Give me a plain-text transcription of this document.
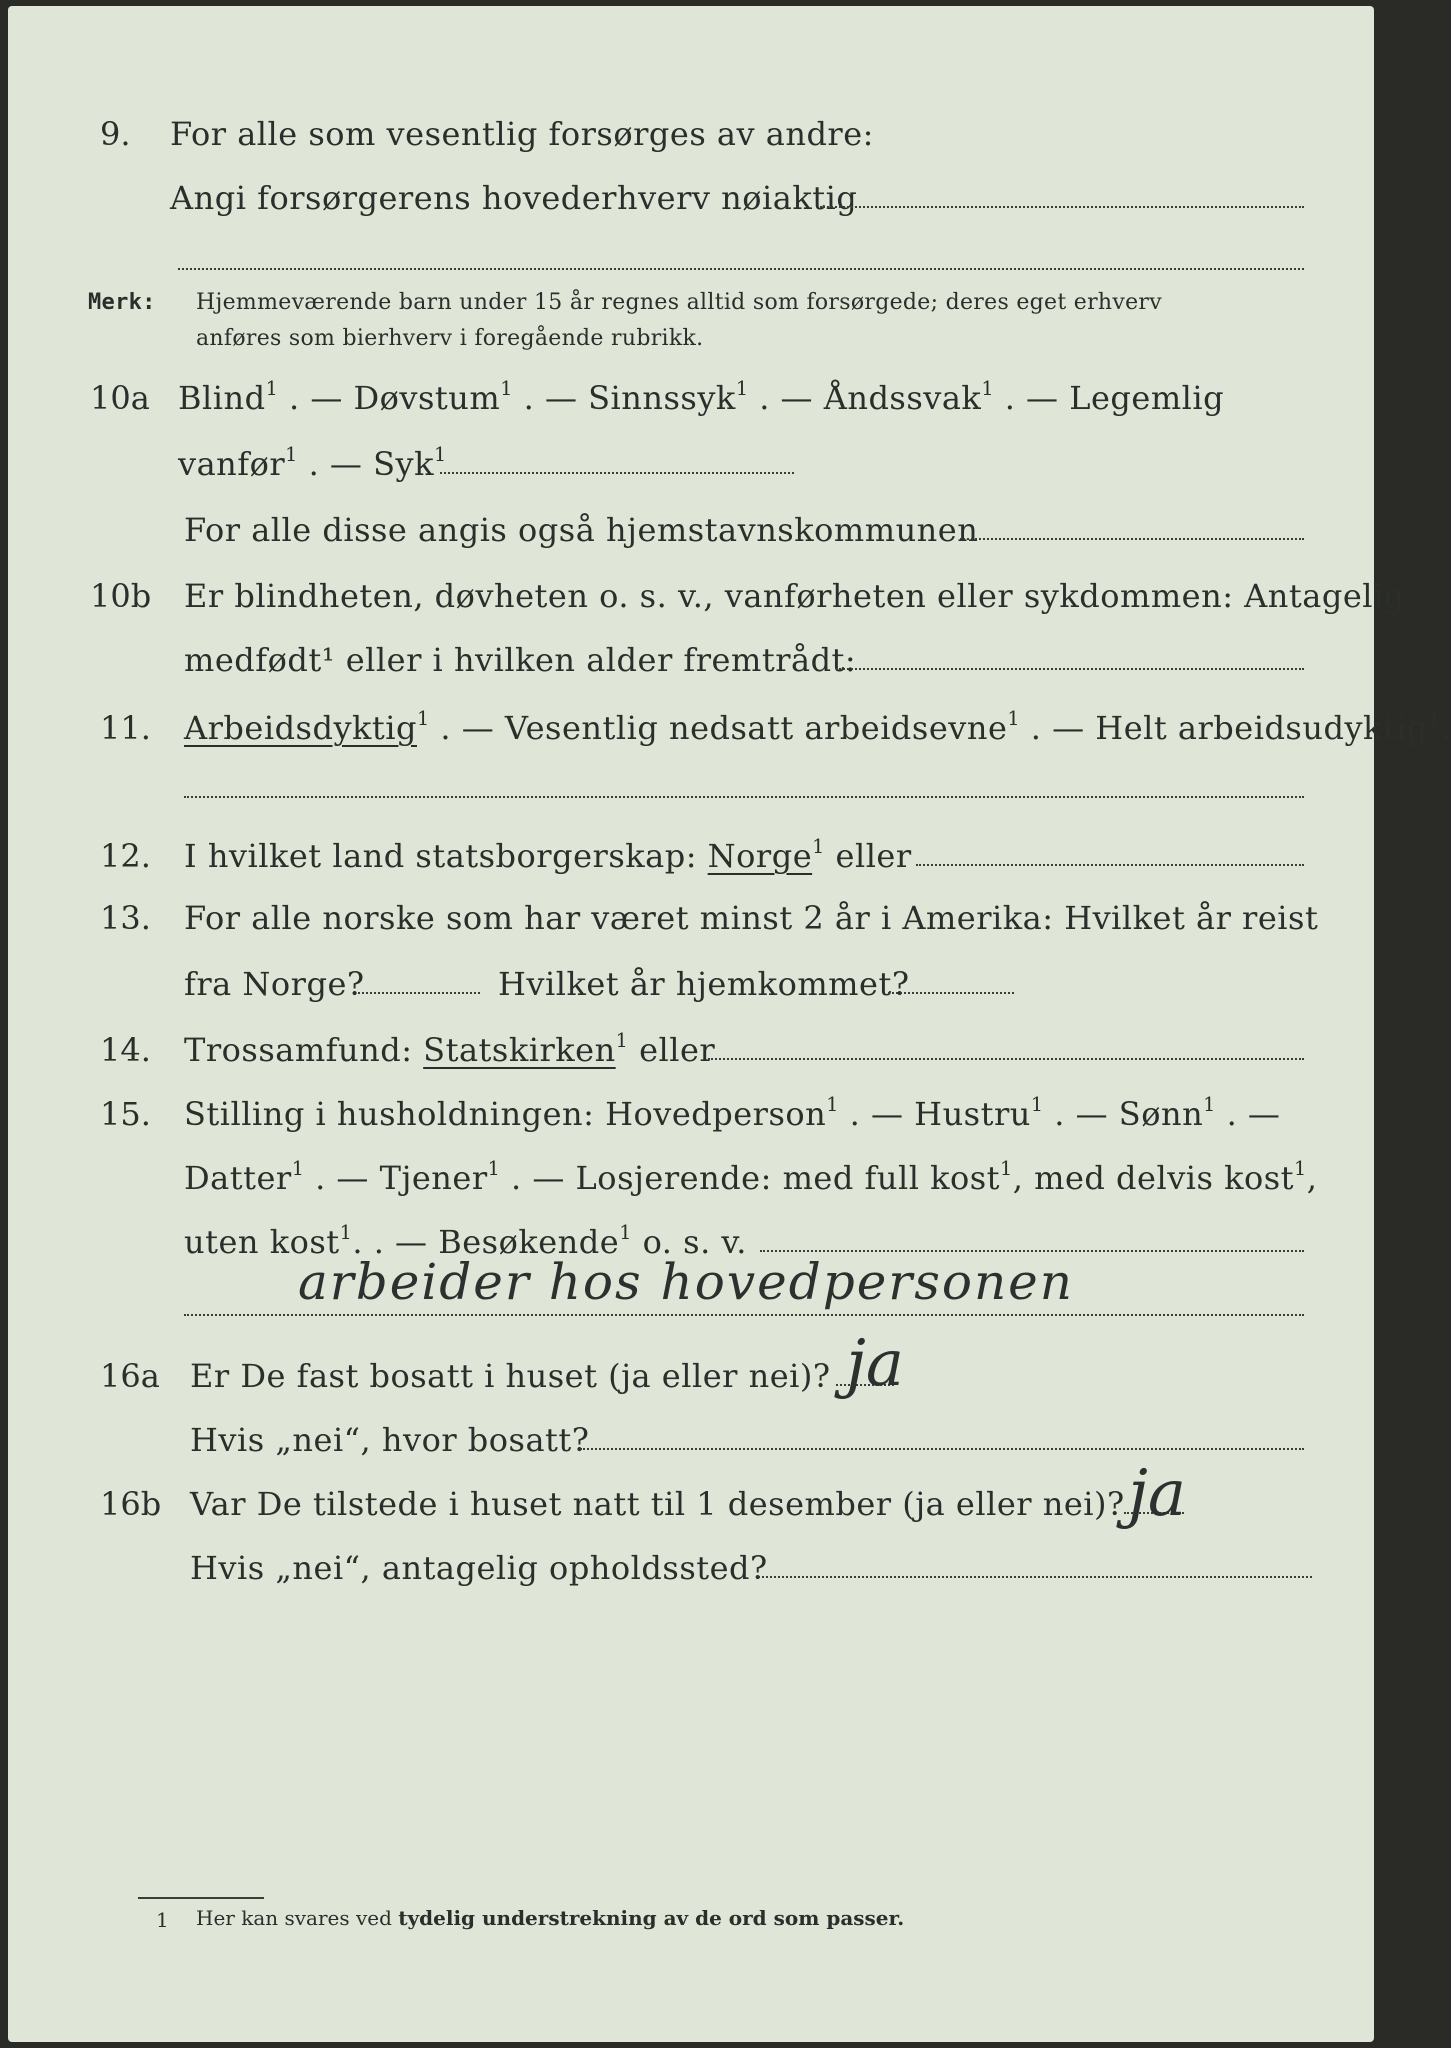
9. For alle som vesentlig forsørges av andre:
Angi forsørgerens hovederhverv nøiaktig
Merk: Hjemmeværende barn under 15 år regnes alltid som forsørgede; deres eget erhverv
anføres som bierhverv i foregående rubrikk.
10a Blind$^1$ . — Døvstum$^1$ . — Sinnssyk$^1$ . — Åndssvak$^1$ . — Legemlig
vanfør$^1$ . — Syk$^1$
For alle disse angis også hjemstavnskommunen
10b Er blindheten, døvheten o. s. v., vanførheten eller sykdommen: Antagelig
medfødt¹ eller i hvilken alder fremtrådt:
11. Arbeidsdyktig$^1$ . — Vesentlig nedsatt arbeidsevne$^1$ . — Helt arbeidsudyktig$^1$.
12. I hvilket land statsborgerskap: Norge$^1$ eller
13. For alle norske som har været minst 2 år i Amerika: Hvilket år reist
fra Norge?	Hvilket år hjemkommet?
14. Trossamfund: Statskirken$^1$ eller
15. Stilling i husholdningen: Hovedperson$^1$ . — Hustru$^1$ . — Sønn$^1$ . —
Datter$^1$ . — Tjener$^1$ . — Losjerende: med full kost$^1$, med delvis kost$^1$,
uten kost$^1$. . — Besøkende$^1$ o. s. v.
arbeider hos hovedpersonen
16a Er De fast bosatt i huset (ja eller nei)? ja
Hvis „nei“, hvor bosatt?
16b Var De tilstede i huset natt til 1 desember (ja eller nei)? ja
Hvis „nei“, antagelig opholdssted?
1 Her kan svares ved tydelig understrekning av de ord som passer.
